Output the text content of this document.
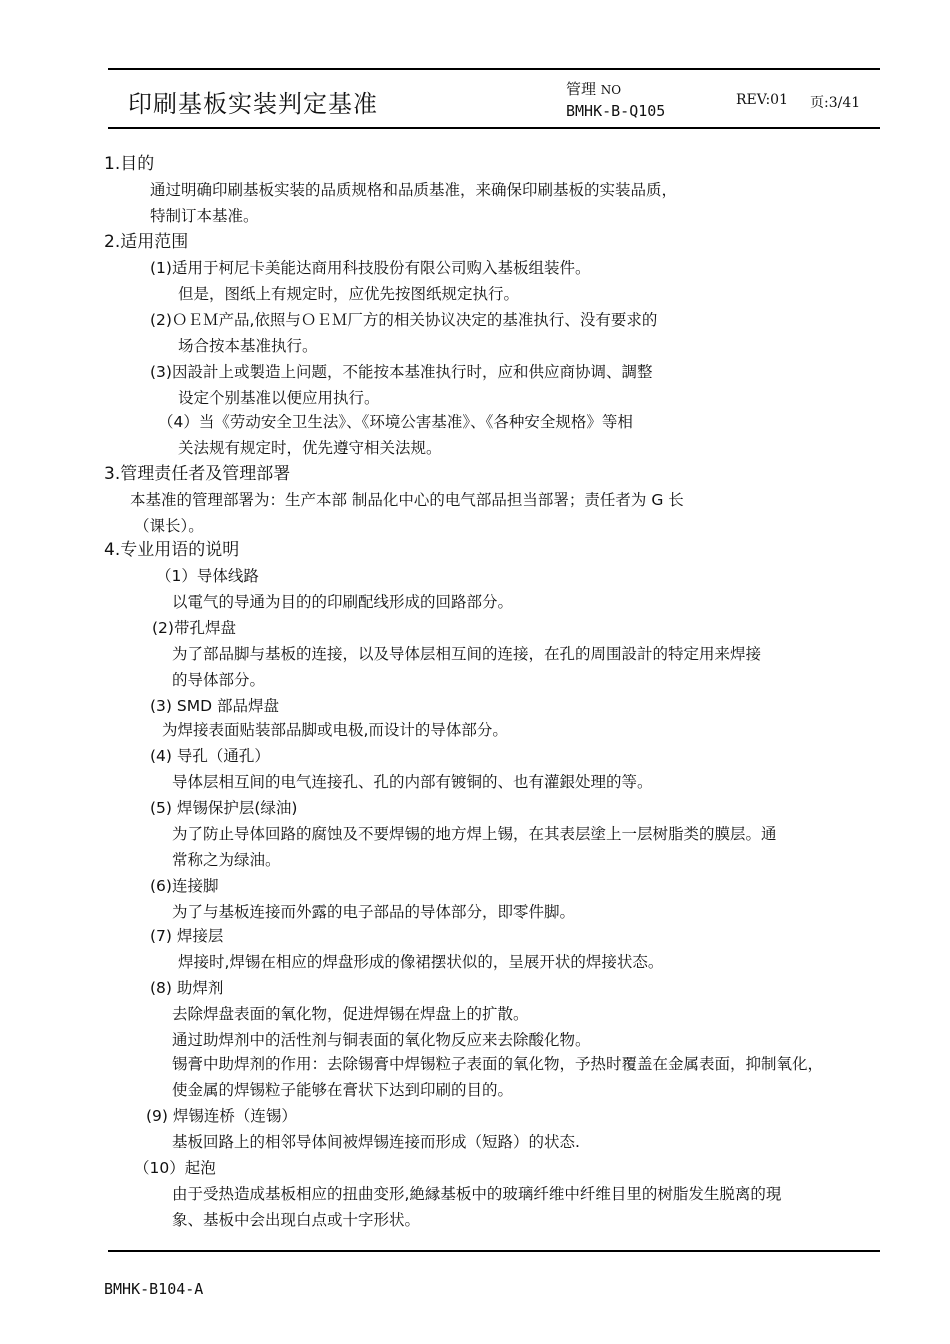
印刷基板实装判定基准
管理 NO
BMHK-B-Q105
REV:01 页:3/41
1.目的
通过明确印刷基板实装的品质规格和品质基准，来确保印刷基板的实装品质，
特制订本基准。
2.适用范围
(1)适用于柯尼卡美能达商用科技股份有限公司购入基板组装件。
但是，图纸上有规定时，应优先按图纸规定执行。
(2)ＯＥＭ产品,依照与ＯＥＭ厂方的相关协议决定的基准执行、没有要求的
场合按本基准执行。
(3)因設計上或製造上问题，不能按本基准执行时，应和供应商协调、調整
设定个别基准以便应用执行。
（4）当《劳动安全卫生法》、《环境公害基准》、《各种安全规格》等相
关法规有规定时，优先遵守相关法规。
3.管理责任者及管理部署
本基准的管理部署为：生产本部 制品化中心的电气部品担当部署；责任者为 G 长
（课长）。
4.专业用语的说明
（1）导体线路
以電气的导通为目的的印刷配线形成的回路部分。
(2)带孔焊盘
为了部品脚与基板的连接，以及导体层相互间的连接，在孔的周围設計的特定用来焊接
的导体部分。
(3) SMD 部品焊盘
为焊接表面贴装部品脚或电极,而设计的导体部分。
(4) 导孔（通孔）
导体层相互间的电气连接孔、孔的内部有镀铜的、也有灌銀处理的等。
(5) 焊锡保护层(绿油)
为了防止导体回路的腐蚀及不要焊锡的地方焊上锡，在其表层塗上一层树脂类的膜层。通
常称之为绿油。
(6)连接脚
为了与基板连接而外露的电子部品的导体部分，即零件脚。
(7) 焊接层
焊接时,焊锡在相应的焊盘形成的像裙摆状似的，呈展开状的焊接状态。
(8) 助焊剂
去除焊盘表面的氧化物，促进焊锡在焊盘上的扩散。
通过助焊剂中的活性剂与铜表面的氧化物反应来去除酸化物。
锡膏中助焊剂的作用：去除锡膏中焊锡粒子表面的氧化物，予热时覆盖在金属表面，抑制氧化，
使金属的焊锡粒子能够在膏状下达到印刷的目的。
(9) 焊锡连桥（连锡）
基板回路上的相邻导体间被焊锡连接而形成（短路）的状态.
（10）起泡
由于受热造成基板相应的扭曲变形,絶縁基板中的玻璃纤维中纤维目里的树脂发生脱离的現
象、基板中会出现白点或十字形状。
BMHK-B104-A
